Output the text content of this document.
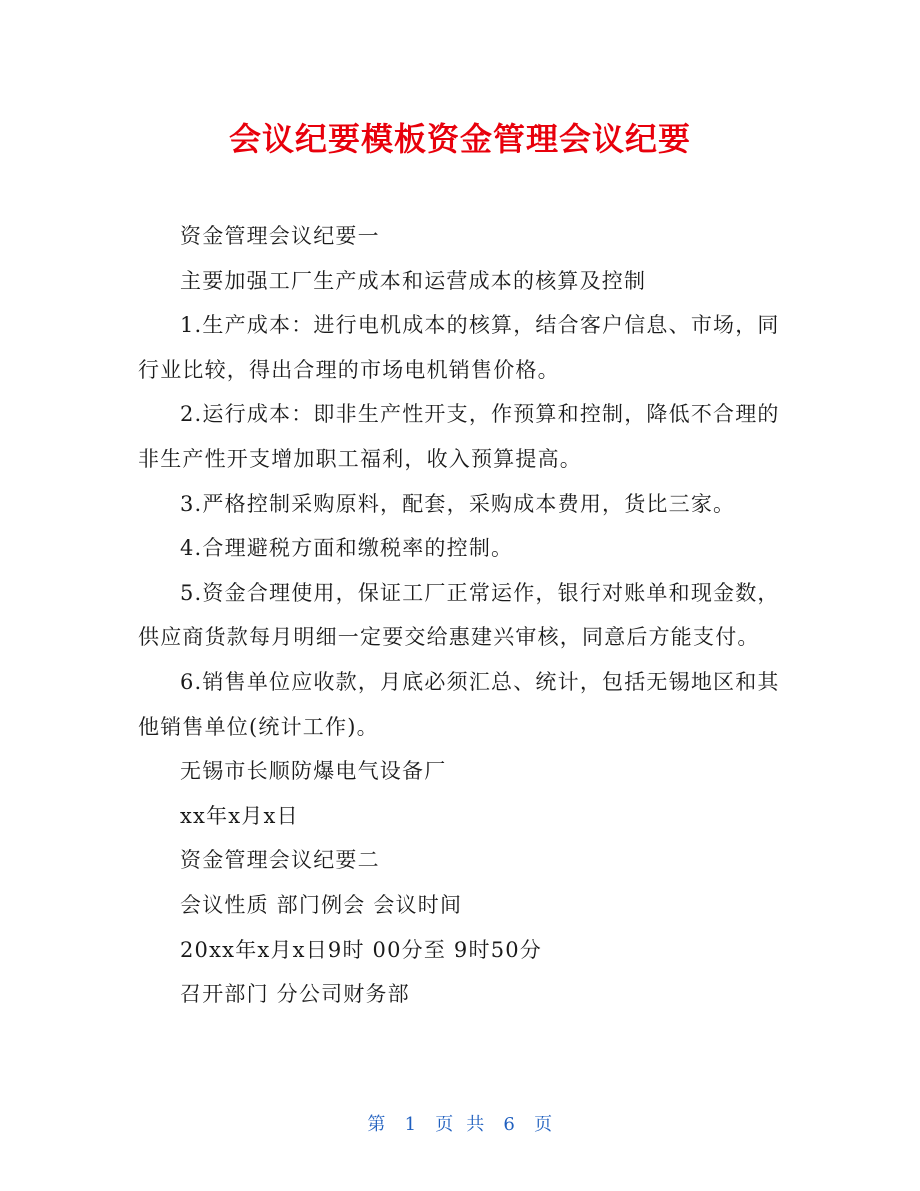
会议纪要模板资金管理会议纪要

资金管理会议纪要一

主要加强工厂生产成本和运营成本的核算及控制

1.生产成本：进行电机成本的核算，结合客户信息、市场，同行业比较，得出合理的市场电机销售价格。

2.运行成本：即非生产性开支，作预算和控制，降低不合理的非生产性开支增加职工福利，收入预算提高。

3.严格控制采购原料，配套，采购成本费用，货比三家。

4.合理避税方面和缴税率的控制。

5.资金合理使用，保证工厂正常运作，银行对账单和现金数，供应商货款每月明细一定要交给惠建兴审核，同意后方能支付。

6.销售单位应收款，月底必须汇总、统计，包括无锡地区和其他销售单位(统计工作)。

无锡市长顺防爆电气设备厂

xx年x月x日

资金管理会议纪要二

会议性质 部门例会 会议时间

20xx年x月x日9时 00分至 9时50分

召开部门 分公司财务部

第 1 页  共 6 页
